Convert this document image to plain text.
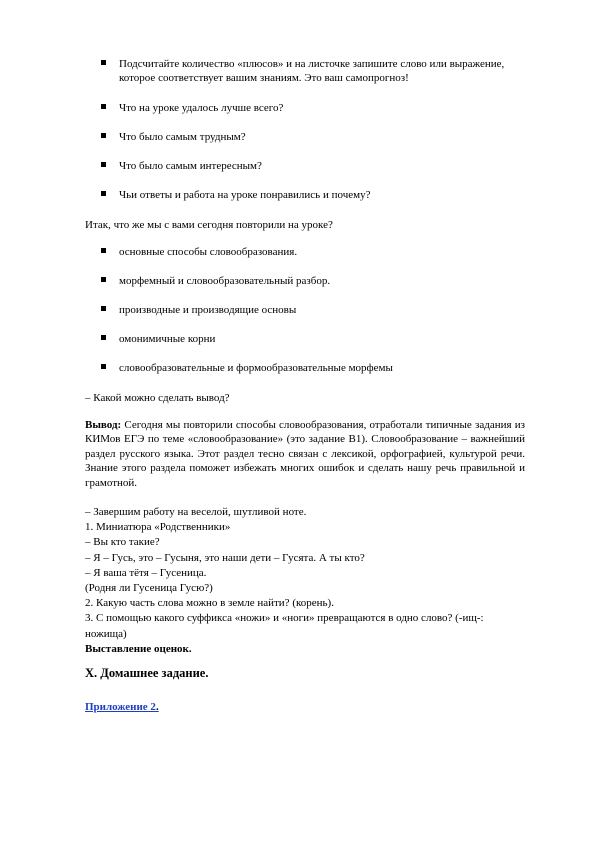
Подсчитайте количество «плюсов» и на листочке запишите слово или выражение, которое соответствует вашим знаниям. Это ваш самопрогноз!
Что на уроке удалось лучше всего?
Что было самым трудным?
Что было самым интересным?
Чьи ответы и работа на уроке понравились и почему?
Итак, что же мы с вами сегодня повторили на уроке?
основные способы словообразования.
морфемный и словообразовательный разбор.
производные и производящие основы
омонимичные корни
словообразовательные и формообразовательные морфемы
– Какой можно сделать вывод?
Вывод: Сегодня мы повторили способы словообразования, отработали типичные задания из КИМов ЕГЭ по теме «словообразование» (это задание В1). Словообразование – важнейший раздел русского языка. Этот раздел тесно связан с лексикой, орфографией, культурой речи. Знание этого раздела поможет избежать многих ошибок и сделать нашу речь правильной и грамотной.
– Завершим работу на веселой, шутливой ноте.
1. Миниатюра «Родственники»
– Вы кто такие?
– Я – Гусь, это – Гусыня, это наши дети – Гусята. А ты кто?
– Я ваша тётя – Гусеница.
(Родня ли Гусеница Гусю?)
2. Какую часть слова можно в земле найти? (корень).
3. С помощью какого суффикса «ножи» и «ноги» превращаются в одно слово? (-ищ-:
ножища)
Выставление оценок.
X. Домашнее задание.
Приложение 2.
